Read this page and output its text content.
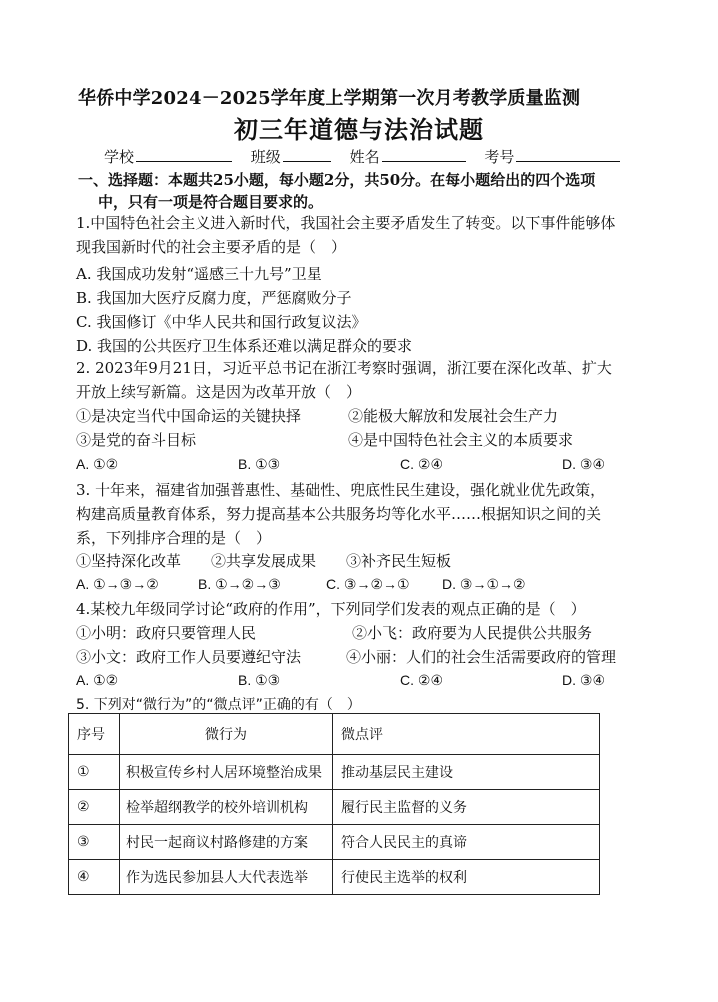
华侨中学2024－2025学年度上学期第一次月考教学质量监测
初三年道德与法治试题
学校	班级	姓名	考号
一、选择题：本题共25小题，每小题2分，共50分。在每小题给出的四个选项
中，只有一项是符合题目要求的。
1.中国特色社会主义进入新时代，我国社会主要矛盾发生了转变。以下事件能够体
现我国新时代的社会主要矛盾的是（　）
A. 我国成功发射“遥感三十九号”卫星
B. 我国加大医疗反腐力度，严惩腐败分子
C. 我国修订《中华人民共和国行政复议法》
D. 我国的公共医疗卫生体系还难以满足群众的要求
2. 2023年9月21日，习近平总书记在浙江考察时强调，浙江要在深化改革、扩大
开放上续写新篇。这是因为改革开放（　）
①是决定当代中国命运的关键抉择	②能极大解放和发展社会生产力
③是党的奋斗目标	④是中国特色社会主义的本质要求
A. ①②	B. ①③	C. ②④	D. ③④
3. 十年来，福建省加强普惠性、基础性、兜底性民生建设，强化就业优先政策，
构建高质量教育体系，努力提高基本公共服务均等化水平……根据知识之间的关
系，下列排序合理的是（　）
①坚持深化改革　　②共享发展成果　　③补齐民生短板
A. ①→③→②	B. ①→②→③	C. ③→②→① D. ③→①→②
4.某校九年级同学讨论“政府的作用”，下列同学们发表的观点正确的是（　）
①小明：政府只要管理人民	②小飞：政府要为人民提供公共服务
③小文：政府工作人员要遵纪守法	④小丽：人们的社会生活需要政府的管理
A. ①②	B. ①③	C. ②④	D. ③④
5. 下列对“微行为”的“微点评”正确的有（　）
序号	微行为	微点评
①	积极宣传乡村人居环境整治成果	推动基层民主建设
②	检举超纲教学的校外培训机构	履行民主监督的义务
③	村民一起商议村路修建的方案	符合人民民主的真谛
④	作为选民参加县人大代表选举	行使民主选举的权利
